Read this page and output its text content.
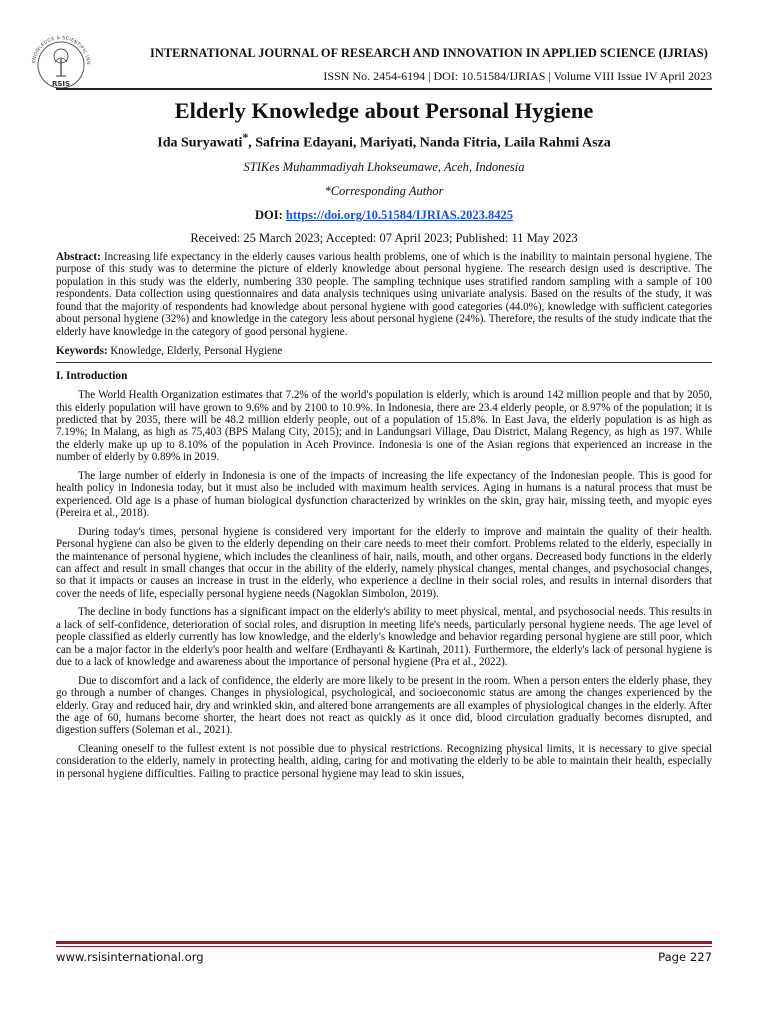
KNOWLEDGE & SCIENTIFIC INN
RSIS
INTERNATIONAL JOURNAL OF RESEARCH AND INNOVATION IN APPLIED SCIENCE (IJRIAS)
ISSN No. 2454-6194 | DOI: 10.51584/IJRIAS | Volume VIII Issue IV April 2023
Elderly Knowledge about Personal Hygiene

Ida Suryawati*, Safrina Edayani, Mariyati, Nanda Fitria, Laila Rahmi Asza

STIKes Muhammadiyah Lhokseumawe, Aceh, Indonesia

*Corresponding Author

DOI: https://doi.org/10.51584/IJRIAS.2023.8425

Received: 25 March 2023; Accepted: 07 April 2023; Published: 11 May 2023

Abstract: Increasing life expectancy in the elderly causes various health problems, one of which is the inability to maintain personal hygiene. The purpose of this study was to determine the picture of elderly knowledge about personal hygiene. The research design used is descriptive. The population in this study was the elderly, numbering 330 people. The sampling technique uses stratified random sampling with a sample of 100 respondents. Data collection using questionnaires and data analysis techniques using univariate analysis. Based on the results of the study, it was found that the majority of respondents had knowledge about personal hygiene with good categories (44.0%), knowledge with sufficient categories about personal hygiene (32%) and knowledge in the category less about personal hygiene (24%). Therefore, the results of the study indicate that the elderly have knowledge in the category of good personal hygiene.

Keywords: Knowledge, Elderly, Personal Hygiene

I. Introduction

The World Health Organization estimates that 7.2% of the world's population is elderly, which is around 142 million people and that by 2050, this elderly population will have grown to 9.6% and by 2100 to 10.9%. In Indonesia, there are 23.4 elderly people, or 8.97% of the population; it is predicted that by 2035, there will be 48.2 million elderly people, out of a population of 15.8%. In East Java, the elderly population is as high as 7.19%; In Malang, as high as 75,403 (BPS Malang City, 2015); and in Landungsari Village, Dau District, Malang Regency, as high as 197. While the elderly make up up to 8.10% of the population in Aceh Province. Indonesia is one of the Asian regions that experienced an increase in the number of elderly by 0.89% in 2019.

The large number of elderly in Indonesia is one of the impacts of increasing the life expectancy of the Indonesian people. This is good for health policy in Indonesia today, but it must also be included with maximum health services. Aging in humans is a natural process that must be experienced. Old age is a phase of human biological dysfunction characterized by wrinkles on the skin, gray hair, missing teeth, and myopic eyes (Pereira et al., 2018).

During today's times, personal hygiene is considered very important for the elderly to improve and maintain the quality of their health. Personal hygiene can also be given to the elderly depending on their care needs to meet their comfort. Problems related to the elderly, especially in the maintenance of personal hygiene, which includes the cleanliness of hair, nails, mouth, and other organs. Decreased body functions in the elderly can affect and result in small changes that occur in the ability of the elderly, namely physical changes, mental changes, and psychosocial changes, so that it impacts or causes an increase in trust in the elderly, who experience a decline in their social roles, and results in internal disorders that cover the needs of life, especially personal hygiene needs (Nagoklan Simbolon, 2019).

The decline in body functions has a significant impact on the elderly's ability to meet physical, mental, and psychosocial needs. This results in a lack of self-confidence, deterioration of social roles, and disruption in meeting life's needs, particularly personal hygiene needs. The age level of people classified as elderly currently has low knowledge, and the elderly's knowledge and behavior regarding personal hygiene are still poor, which can be a major factor in the elderly's poor health and welfare (Erdhayanti & Kartinah, 2011). Furthermore, the elderly's lack of personal hygiene is due to a lack of knowledge and awareness about the importance of personal hygiene (Pra et al., 2022).

Due to discomfort and a lack of confidence, the elderly are more likely to be present in the room. When a person enters the elderly phase, they go through a number of changes. Changes in physiological, psychological, and socioeconomic status are among the changes experienced by the elderly. Gray and reduced hair, dry and wrinkled skin, and altered bone arrangements are all examples of physiological changes in the elderly. After the age of 60, humans become shorter, the heart does not react as quickly as it once did, blood circulation gradually becomes disrupted, and digestion suffers (Soleman et al., 2021).

Cleaning oneself to the fullest extent is not possible due to physical restrictions. Recognizing physical limits, it is necessary to give special consideration to the elderly, namely in protecting health, aiding, caring for and motivating the elderly to be able to maintain their health, especially in personal hygiene difficulties. Failing to practice personal hygiene may lead to skin issues,

www.rsisinternational.org	Page 227
